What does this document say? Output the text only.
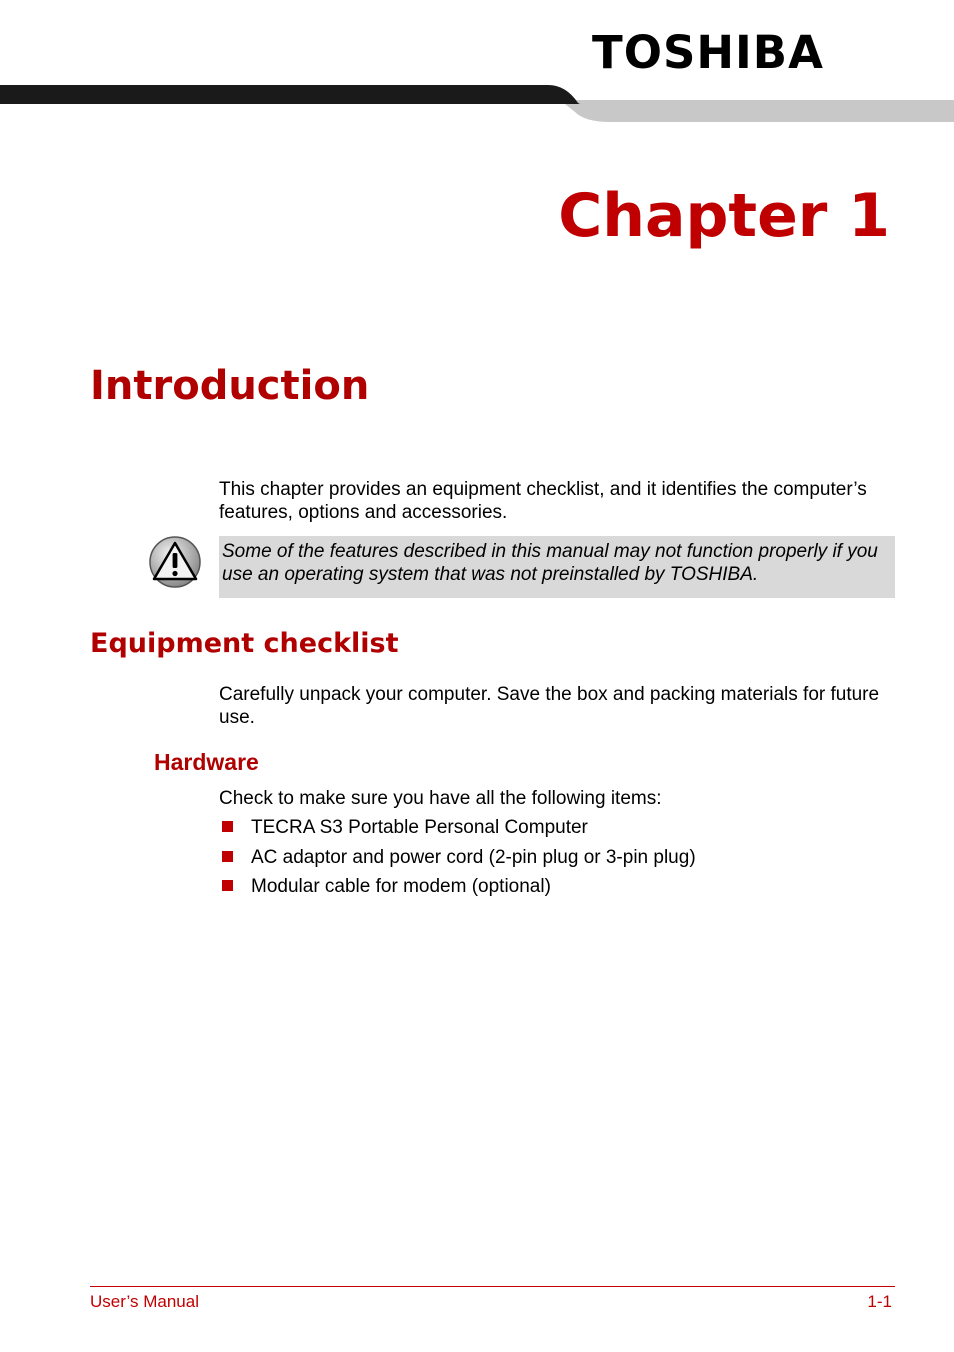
TOSHIBA
Chapter 1
Introduction
This chapter provides an equipment checklist, and it identifies the computer’s features, options and accessories.
Some of the features described in this manual may not function properly if you use an operating system that was not preinstalled by TOSHIBA.
Equipment checklist
Carefully unpack your computer. Save the box and packing materials for future use.
Hardware
Check to make sure you have all the following items:
TECRA S3 Portable Personal Computer
AC adaptor and power cord (2-pin plug or 3-pin plug)
Modular cable for modem (optional)
User’s Manual	1-1
